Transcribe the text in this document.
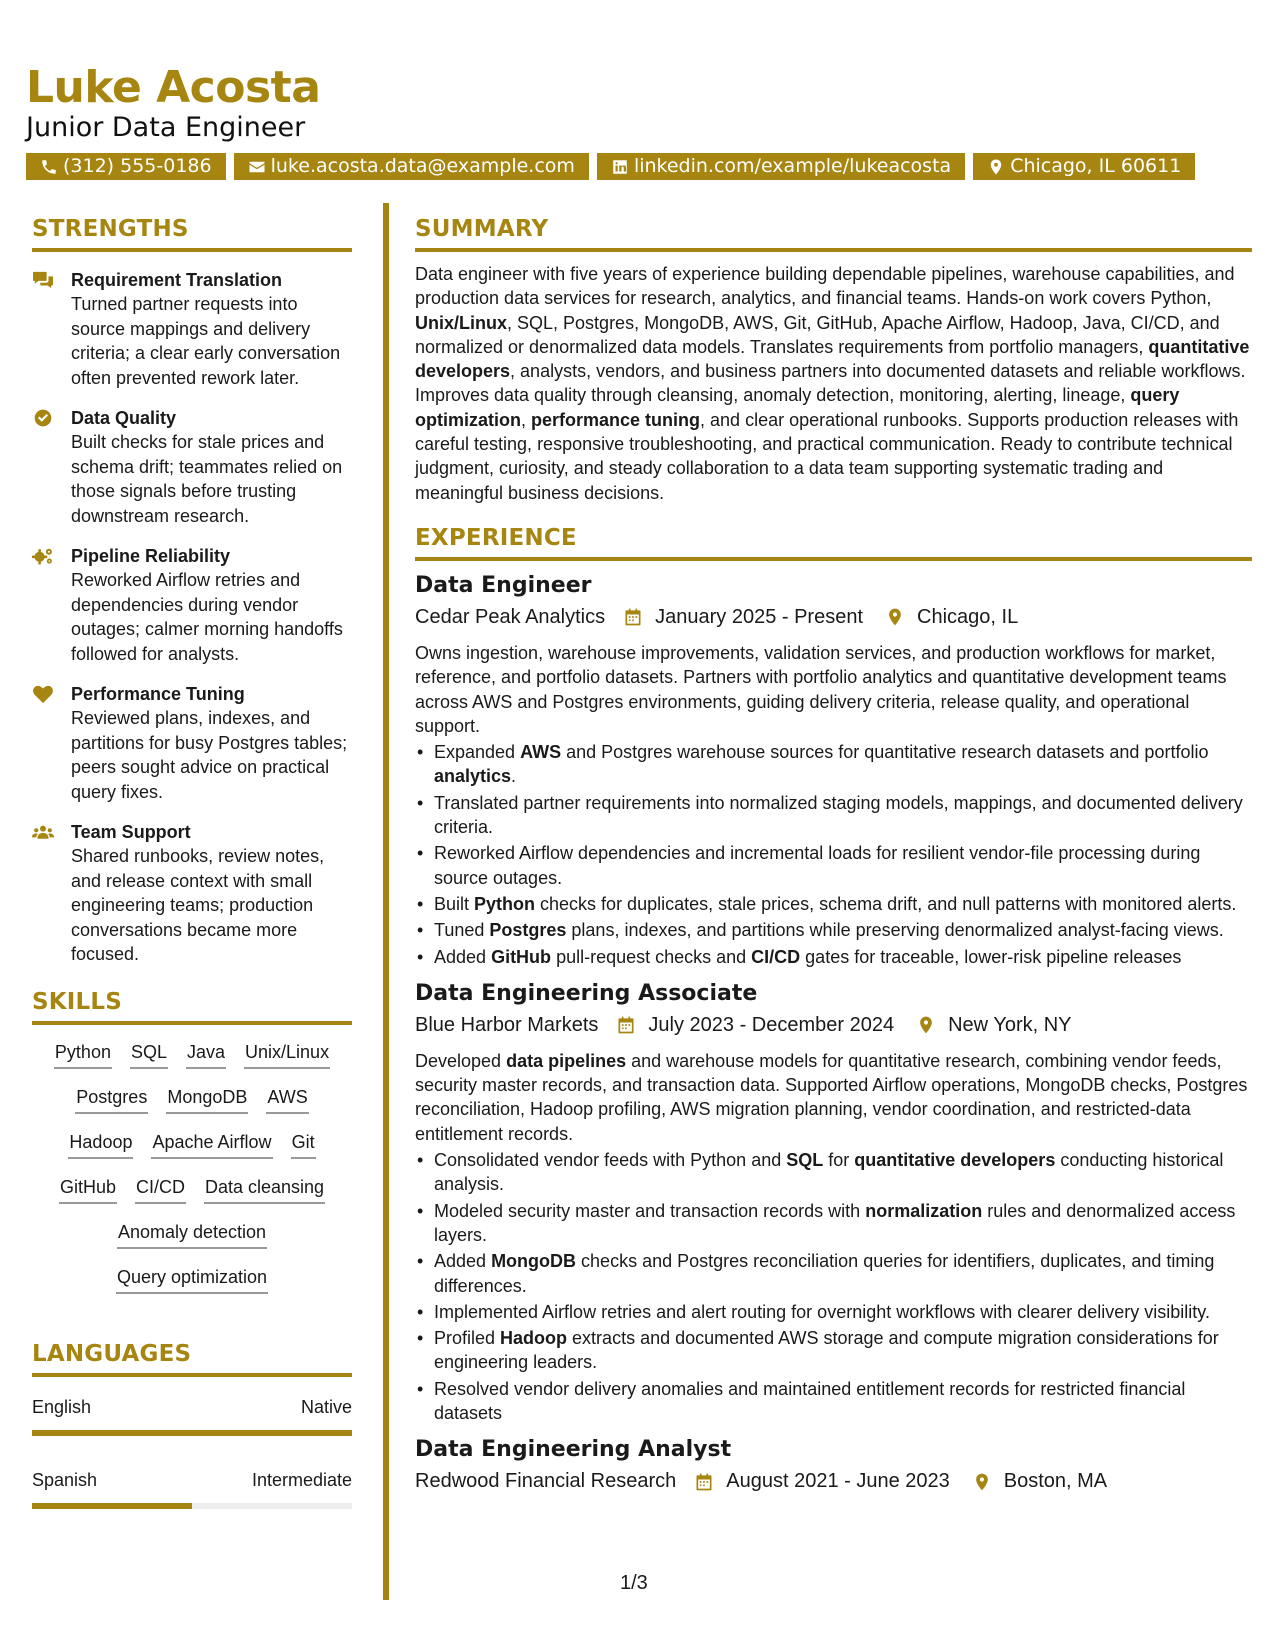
Luke Acosta
Junior Data Engineer
(312) 555-0186	luke.acosta.data@example.com	linkedin.com/example/lukeacosta	Chicago, IL 60611
STRENGTHS
Requirement Translation
Turned partner requests into source mappings and delivery criteria; a clear early conversation often prevented rework later.
Data Quality
Built checks for stale prices and schema drift; teammates relied on those signals before trusting downstream research.
Pipeline Reliability
Reworked Airflow retries and dependencies during vendor outages; calmer morning handoffs followed for analysts.
Performance Tuning
Reviewed plans, indexes, and partitions for busy Postgres tables; peers sought advice on practical query fixes.
Team Support
Shared runbooks, review notes, and release context with small engineering teams; production conversations became more focused.
SKILLS
Python SQL Java Unix/Linux
Postgres MongoDB AWS
Hadoop Apache Airflow Git
GitHub CI/CD Data cleansing
Anomaly detection
Query optimization
LANGUAGES
English	Native
Spanish	Intermediate
SUMMARY

Data engineer with five years of experience building dependable pipelines, warehouse capabilities, and production data services for research, analytics, and financial teams. Hands-on work covers Python, Unix/Linux, SQL, Postgres, MongoDB, AWS, Git, GitHub, Apache Airflow, Hadoop, Java, CI/CD, and normalized or denormalized data models. Translates requirements from portfolio managers, quantitative developers, analysts, vendors, and business partners into documented datasets and reliable workflows. Improves data quality through cleansing, anomaly detection, monitoring, alerting, lineage, query optimization, performance tuning, and clear operational runbooks. Supports production releases with careful testing, responsive troubleshooting, and practical communication. Ready to contribute technical judgment, curiosity, and steady collaboration to a data team supporting systematic trading and meaningful business decisions.

EXPERIENCE
Data Engineer
Cedar Peak Analytics	January 2025 - Present	Chicago, IL

Owns ingestion, warehouse improvements, validation services, and production workflows for market, reference, and portfolio datasets. Partners with portfolio analytics and quantitative development teams across AWS and Postgres environments, guiding delivery criteria, release quality, and operational support.

• Expanded AWS and Postgres warehouse sources for quantitative research datasets and portfolio analytics.
• Translated partner requirements into normalized staging models, mappings, and documented delivery criteria.
• Reworked Airflow dependencies and incremental loads for resilient vendor-file processing during source outages.
• Built Python checks for duplicates, stale prices, schema drift, and null patterns with monitored alerts.
• Tuned Postgres plans, indexes, and partitions while preserving denormalized analyst-facing views.
• Added GitHub pull-request checks and CI/CD gates for traceable, lower-risk pipeline releases
Data Engineering Associate
Blue Harbor Markets	July 2023 - December 2024	New York, NY

Developed data pipelines and warehouse models for quantitative research, combining vendor feeds, security master records, and transaction data. Supported Airflow operations, MongoDB checks, Postgres reconciliation, Hadoop profiling, AWS migration planning, vendor coordination, and restricted-data entitlement records.

• Consolidated vendor feeds with Python and SQL for quantitative developers conducting historical analysis.
• Modeled security master and transaction records with normalization rules and denormalized access layers.
• Added MongoDB checks and Postgres reconciliation queries for identifiers, duplicates, and timing differences.
• Implemented Airflow retries and alert routing for overnight workflows with clearer delivery visibility.
• Profiled Hadoop extracts and documented AWS storage and compute migration considerations for engineering leaders.
• Resolved vendor delivery anomalies and maintained entitlement records for restricted financial datasets
Data Engineering Analyst
Redwood Financial Research	August 2021 - June 2023	Boston, MA
1/3
